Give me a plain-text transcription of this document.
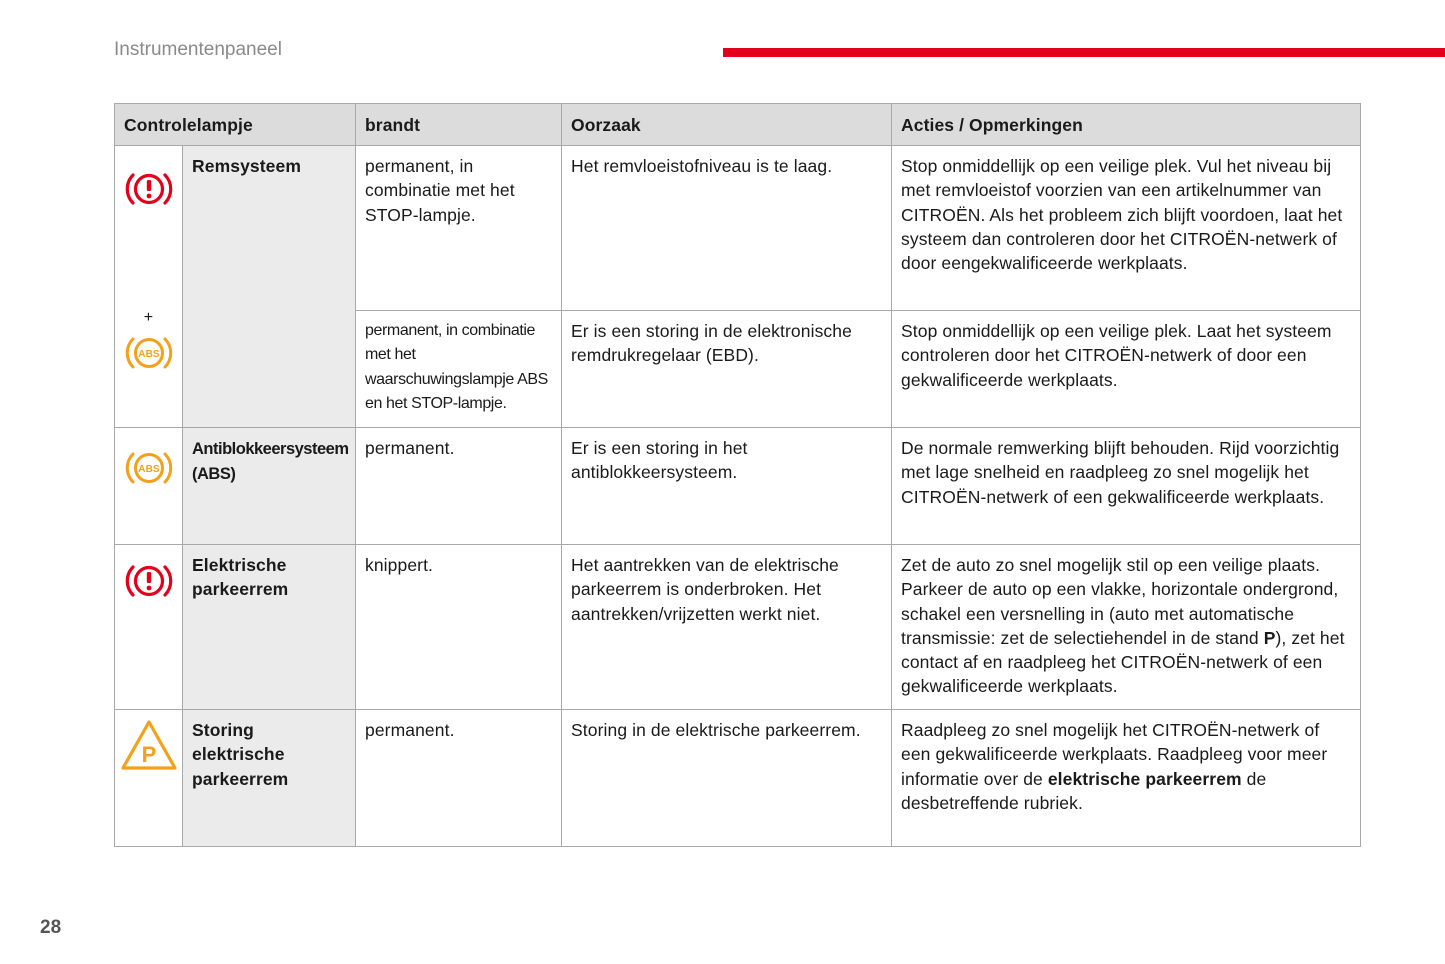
Instrumentenpaneel
Controlelampje		brandt	Oorzaak	Acties / Opmerkingen

+
ABS	Remsysteem	permanent, in combinatie met het STOP-lampje.	Het remvloeistofniveau is te laag.	Stop onmiddellijk op een veilige plek. Vul het niveau bij met remvloeistof voorzien van een artikelnummer van CITROËN. Als het probleem zich blijft voordoen, laat het systeem dan controleren door het CITROËN-netwerk of door eengekwalificeerde werkplaats.
		permanent, in combinatie met het waarschuwingslampje ABS en het STOP-lampje.	Er is een storing in de elektronische remdrukregelaar (EBD).	Stop onmiddellijk op een veilige plek. Laat het systeem controleren door het CITROËN-netwerk of door een gekwalificeerde werkplaats.

ABS	Antiblokkeersysteem (ABS)	permanent.	Er is een storing in het antiblokkeersysteem.	De normale remwerking blijft behouden. Rijd voorzichtig met lage snelheid en raadpleeg zo snel mogelijk het CITROËN-netwerk of een gekwalificeerde werkplaats.

	Elektrische parkeerrem	knippert.	Het aantrekken van de elektrische parkeerrem is onderbroken. Het aantrekken/vrijzetten werkt niet.	Zet de auto zo snel mogelijk stil op een veilige plaats. Parkeer de auto op een vlakke, horizontale ondergrond, schakel een versnelling in (auto met automatische transmissie: zet de selectiehendel in de stand P), zet het contact af en raadpleeg het CITROËN-netwerk of een gekwalificeerde werkplaats.

P	Storing elektrische parkeerrem	permanent.	Storing in de elektrische parkeerrem.	Raadpleeg zo snel mogelijk het CITROËN-netwerk of een gekwalificeerde werkplaats. Raadpleeg voor meer informatie over de elektrische parkeerrem de desbetreffende rubriek.
28
